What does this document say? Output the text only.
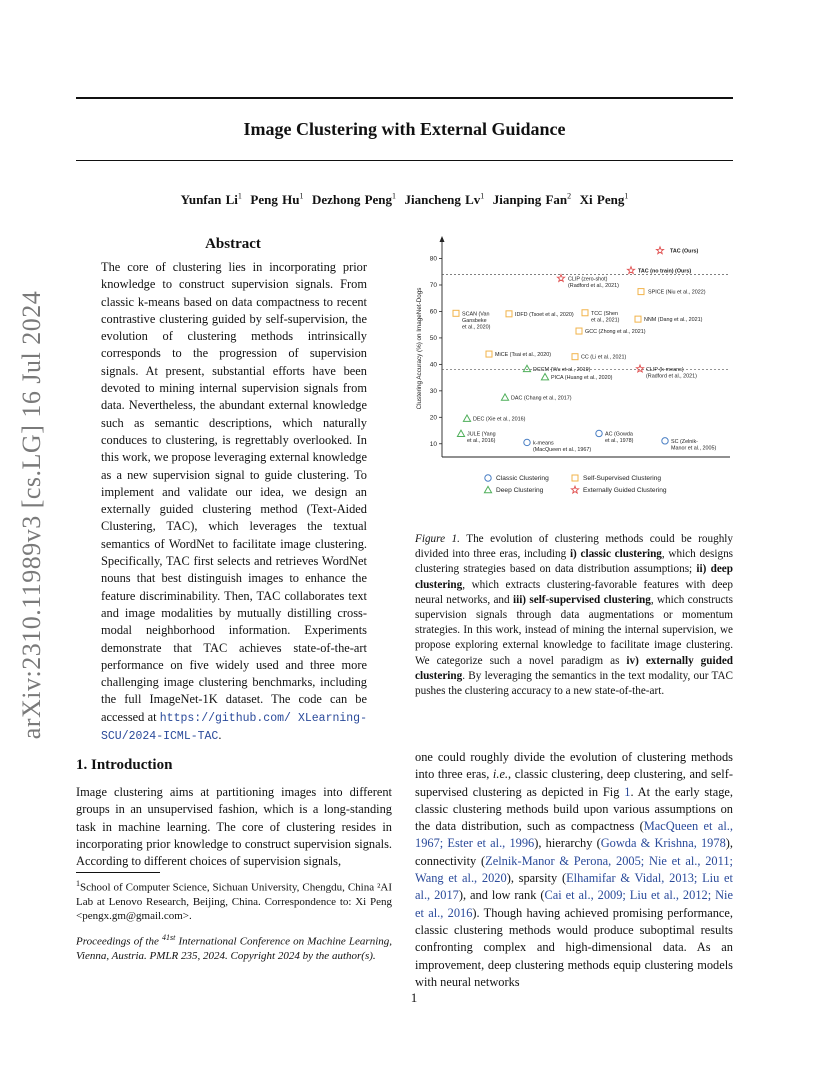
Image Clustering with External Guidance
Yunfan Li$^1$ Peng Hu$^1$ Dezhong Peng$^1$ Jiancheng Lv$^1$ Jianping Fan$^2$ Xi Peng$^1$
arXiv:2310.11989v3 [cs.LG] 16 Jul 2024
Abstract
The core of clustering lies in incorporating prior knowledge to construct supervision signals. From classic k-means based on data compactness to recent contrastive clustering guided by self-supervision, the evolution of clustering methods intrinsically corresponds to the progression of supervision signals. At present, substantial efforts have been devoted to mining internal supervision signals from data. Nevertheless, the abundant external knowledge such as semantic descriptions, which naturally conduces to clustering, is regrettably overlooked. In this work, we propose leveraging external knowledge as a new supervision signal to guide clustering. To implement and validate our idea, we design an externally guided clustering method (Text-Aided Clustering, TAC), which leverages the textual semantics of WordNet to facilitate image clustering. Specifically, TAC first selects and retrieves WordNet nouns that best distinguish images to enhance the feature discriminability. Then, TAC collaborates text and image modalities by mutually distilling cross-modal neighborhood information. Experiments demonstrate that TAC achieves state-of-the-art performance on five widely used and three more challenging image clustering benchmarks, including the full ImageNet-1K dataset. The code can be accessed at https://github.com/ XLearning-SCU/2024-ICML-TAC.
1. Introduction
Image clustering aims at partitioning images into different groups in an unsupervised fashion, which is a long-standing task in machine learning. The core of clustering resides in incorporating prior knowledge to construct supervision signals. According to different choices of supervision signals,
$^1$School of Computer Science, Sichuan University, Chengdu, China ²AI Lab at Lenovo Research, Beijing, China. Correspondence to: Xi Peng <pengx.gm@gmail.com>.
Proceedings of the $^{41st}$ International Conference on Machine Learning, Vienna, Austria. PMLR 235, 2024. Copyright 2024 by the author(s).
10
20
30
40
50
60
70
80
Clustering Accuracy (%) on ImageNet-Dogs
TAC (Ours)
TAC (no train) (Ours)
CLIP (zero-shot) (Radford et al., 2021)
SPICE (Niu et al., 2022)
SCAN (Van Gansbeke et al., 2020)
IDFD (Tsoet et al., 2020)	TCC (Shen et al., 2021)	NNM (Dang et al., 2021)
GCC (Zhong et al., 2021)
MiCE (Tsai et al., 2020)	CC (Li et al., 2021)
DCCM (Wu et al., 2019)
PICA (Huang et al., 2020)
CLIP (k-means) (Radford et al., 2021)
DAC (Chang et al., 2017)
DEC (Xie et al., 2016)
JULE (Yang et al., 2016)
AC (Gowda et al., 1978)
k-means (MacQueen et al., 1967)
SC (Zelnik-Manor et al., 2005)
Classic Clustering	Self-Supervised Clustering
Deep Clustering	Externally Guided Clustering
Figure 1. The evolution of clustering methods could be roughly divided into three eras, including i) classic clustering, which designs clustering strategies based on data distribution assumptions; ii) deep clustering, which extracts clustering-favorable features with deep neural networks, and iii) self-supervised clustering, which constructs supervision signals through data augmentations or momentum strategies. In this work, instead of mining the internal supervision, we propose exploring external knowledge to facilitate image clustering. We categorize such a novel paradigm as iv) externally guided clustering. By leveraging the semantics in the text modality, our TAC pushes the clustering accuracy to a new state-of-the-art.
one could roughly divide the evolution of clustering methods into three eras, i.e., classic clustering, deep clustering, and self-supervised clustering as depicted in Fig 1. At the early stage, classic clustering methods build upon various assumptions on the data distribution, such as compactness (MacQueen et al., 1967; Ester et al., 1996), hierarchy (Gowda & Krishna, 1978), connectivity (Zelnik-Manor & Perona, 2005; Nie et al., 2011; Wang et al., 2020), sparsity (Elhamifar & Vidal, 2013; Liu et al., 2017), and low rank (Cai et al., 2009; Liu et al., 2012; Nie et al., 2016). Though having achieved promising performance, classic clustering methods would produce suboptimal results confronting complex and high-dimensional data. As an improvement, deep clustering methods equip clustering models with neural networks
1
